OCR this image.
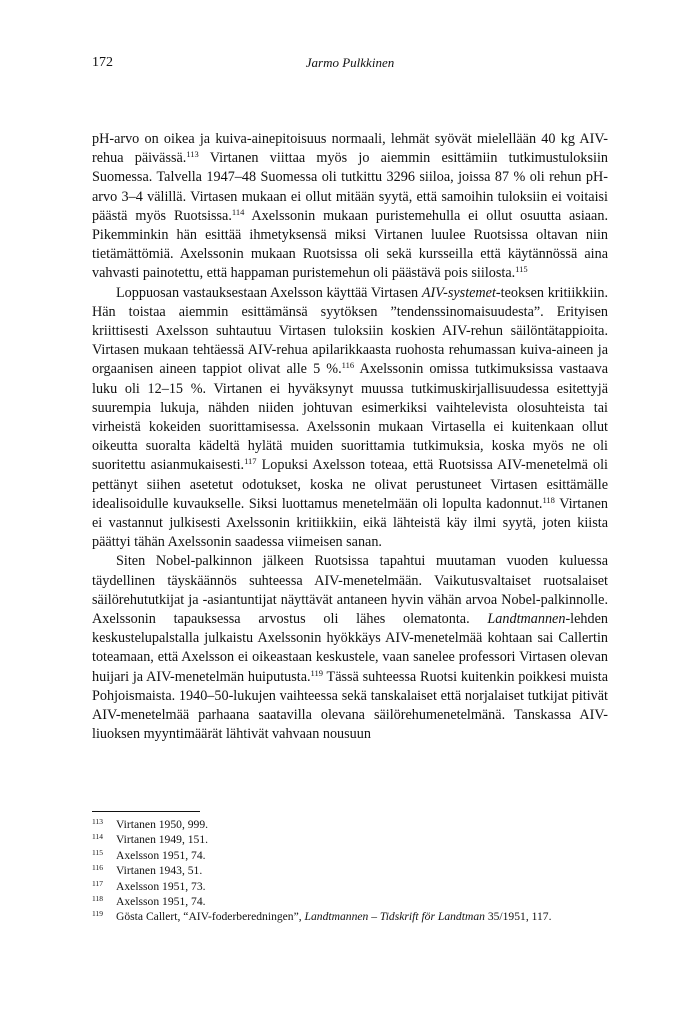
172	Jarmo Pulkkinen

pH-arvo on oikea ja kuiva-ainepitoisuus normaali, lehmät syövät mielellään 40 kg AIV-rehua päivässä.$^{113}$ Virtanen viittaa myös jo aiemmin esittämiin tutkimustuloksiin Suomessa. Talvella 1947–48 Suomessa oli tutkittu 3296 siiloa, joissa 87 % oli rehun pH-arvo 3–4 välillä. Virtasen mukaan ei ollut mitään syytä, että samoihin tuloksiin ei voitaisi päästä myös Ruotsissa.$^{114}$ Axelssonin mukaan puristemehulla ei ollut osuutta asiaan. Pikemminkin hän esittää ihmetyksensä miksi Virtanen luulee Ruotsissa oltavan niin tietämättömiä. Axelssonin mukaan Ruotsissa oli sekä kursseilla että käytännössä aina vahvasti painotettu, että happaman puristemehun oli päästävä pois siilosta.$^{115}$

Loppuosan vastauksestaan Axelsson käyttää Virtasen AIV-systemet-teoksen kritiikkiin. Hän toistaa aiemmin esittämänsä syytöksen ”tendenssinomaisuudesta”. Erityisen kriittisesti Axelsson suhtautuu Virtasen tuloksiin koskien AIV-rehun säilöntätappioita. Virtasen mukaan tehtäessä AIV-rehua apilarikkaasta ruohosta rehumassan kuiva-aineen ja orgaanisen aineen tappiot olivat alle 5 %.$^{116}$ Axelssonin omissa tutkimuksissa vastaava luku oli 12–15 %. Virtanen ei hyväksynyt muussa tutkimuskirjallisuudessa esitettyjä suurempia lukuja, nähden niiden johtuvan esimerkiksi vaihtelevista olosuhteista tai virheistä kokeiden suorittamisessa. Axelssonin mukaan Virtasella ei kuitenkaan ollut oikeutta suoralta kädeltä hylätä muiden suorittamia tutkimuksia, koska myös ne oli suoritettu asianmukaisesti.$^{117}$ Lopuksi Axelsson toteaa, että Ruotsissa AIV-menetelmä oli pettänyt siihen asetetut odotukset, koska ne olivat perustuneet Virtasen esittämälle idealisoidulle kuvaukselle. Siksi luottamus menetelmään oli lopulta kadonnut.$^{118}$ Virtanen ei vastannut julkisesti Axelssonin kritiikkiin, eikä lähteistä käy ilmi syytä, joten kiista päättyi tähän Axelssonin saadessa viimeisen sanan.

Siten Nobel-palkinnon jälkeen Ruotsissa tapahtui muutaman vuoden kuluessa täydellinen täyskäännös suhteessa AIV-menetelmään. Vaikutusvaltaiset ruotsalaiset säilörehututkijat ja -asiantuntijat näyttävät antaneen hyvin vähän arvoa Nobel-palkinnolle. Axelssonin tapauksessa arvostus oli lähes olematonta. Landtmannen-lehden keskustelupalstalla julkaistu Axelssonin hyökkäys AIV-menetelmää kohtaan sai Callertin toteamaan, että Axelsson ei oikeastaan keskustele, vaan sanelee professori Virtasen olevan huijari ja AIV-menetelmän huiputusta.$^{119}$ Tässä suhteessa Ruotsi kuitenkin poikkesi muista Pohjoismaista. 1940–50-lukujen vaihteessa sekä tanskalaiset että norjalaiset tutkijat pitivät AIV-menetelmää parhaana saatavilla olevana säilörehumenetelmänä. Tanskassa AIV-liuoksen myyntimäärät lähtivät vahvaan nousuun

113 Virtanen 1950, 999.
114 Virtanen 1949, 151.
115 Axelsson 1951, 74.
116 Virtanen 1943, 51.
117 Axelsson 1951, 73.
118 Axelsson 1951, 74.
119 Gösta Callert, “AIV-foderberedningen”, Landtmannen – Tidskrift för Landtman 35/1951, 117.
